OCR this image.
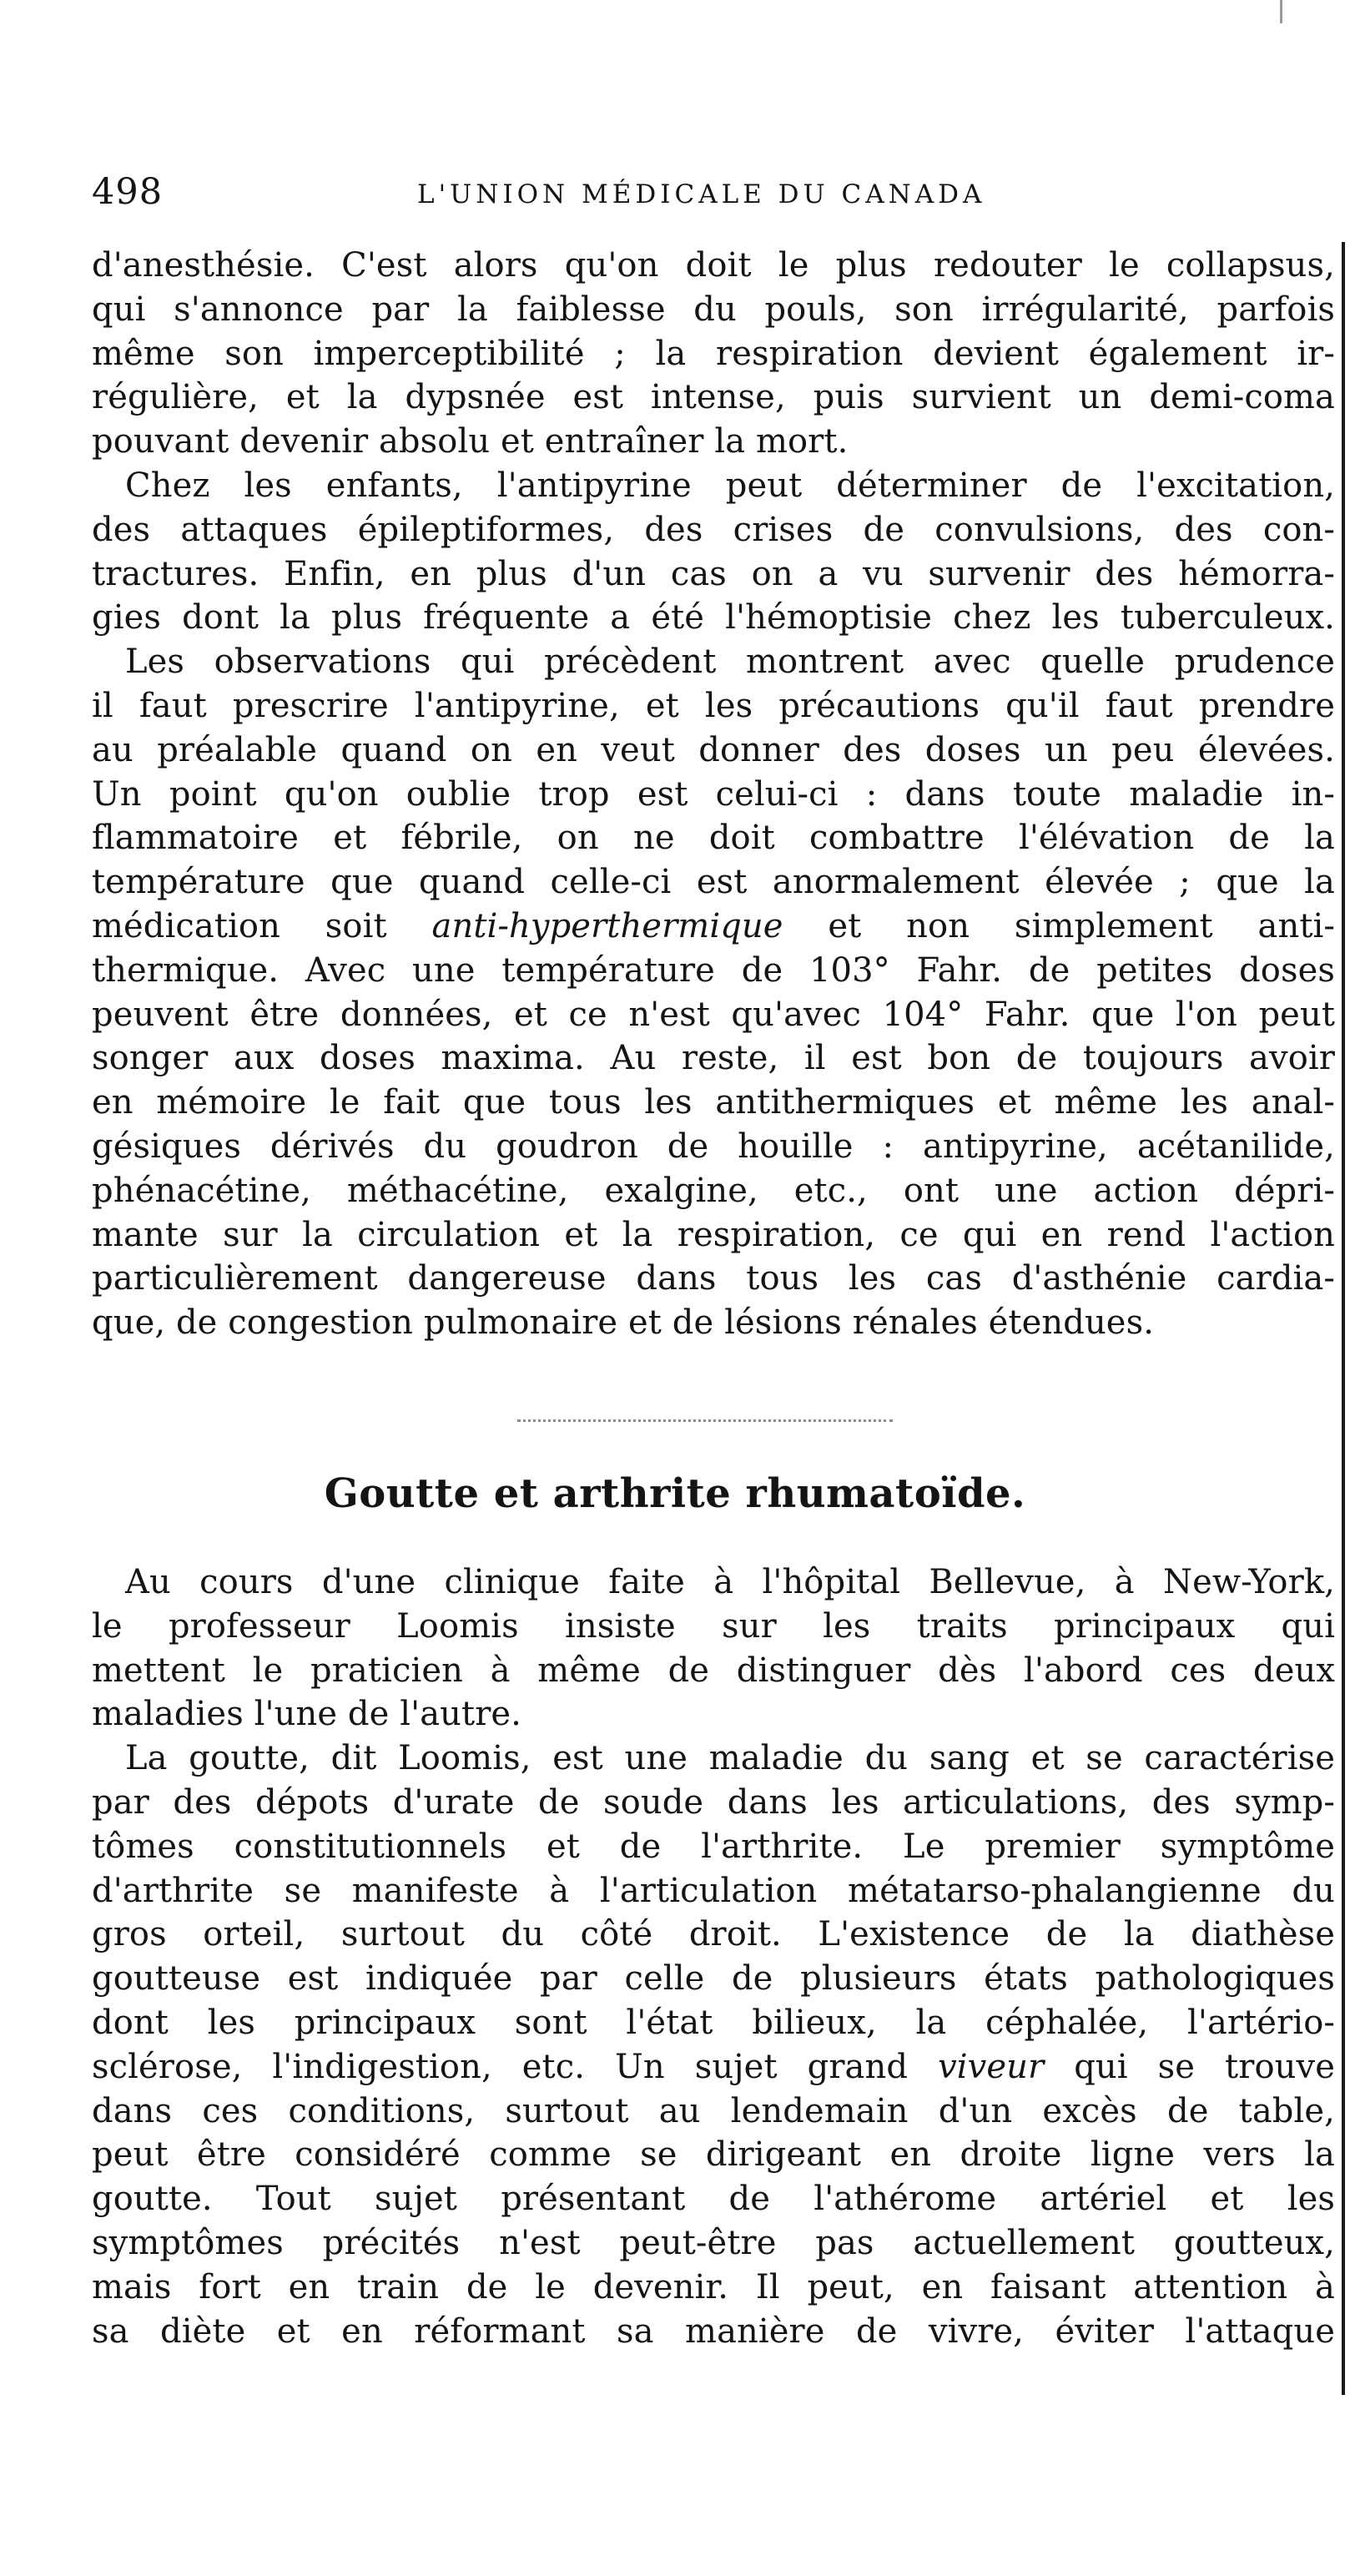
498	L'UNION MÉDICALE DU CANADA
d'anesthésie. C'est alors qu'on doit le plus redouter le collapsus,
qui s'annonce par la faiblesse du pouls, son irrégularité, parfois
même son imperceptibilité ; la respiration devient également ir-
régulière, et la dypsnée est intense, puis survient un demi-coma
pouvant devenir absolu et entraîner la mort.
Chez les enfants, l'antipyrine peut déterminer de l'excitation,
des attaques épileptiformes, des crises de convulsions, des con-
tractures. Enfin, en plus d'un cas on a vu survenir des hémorra-
gies dont la plus fréquente a été l'hémoptisie chez les tuberculeux.
Les observations qui précèdent montrent avec quelle prudence
il faut prescrire l'antipyrine, et les précautions qu'il faut prendre
au préalable quand on en veut donner des doses un peu élevées.
Un point qu'on oublie trop est celui-ci : dans toute maladie in-
flammatoire et fébrile, on ne doit combattre l'élévation de la
température que quand celle-ci est anormalement élevée ; que la
médication soit anti-hyperthermique et non simplement anti-
thermique. Avec une température de 103° Fahr. de petites doses
peuvent être données, et ce n'est qu'avec 104° Fahr. que l'on peut
songer aux doses maxima. Au reste, il est bon de toujours avoir
en mémoire le fait que tous les antithermiques et même les anal-
gésiques dérivés du goudron de houille : antipyrine, acétanilide,
phénacétine, méthacétine, exalgine, etc., ont une action dépri-
mante sur la circulation et la respiration, ce qui en rend l'action
particulièrement dangereuse dans tous les cas d'asthénie cardia-
que, de congestion pulmonaire et de lésions rénales étendues.
Goutte et arthrite rhumatoïde.
Au cours d'une clinique faite à l'hôpital Bellevue, à New-York,
le professeur Loomis insiste sur les traits principaux qui
mettent le praticien à même de distinguer dès l'abord ces deux
maladies l'une de l'autre.
La goutte, dit Loomis, est une maladie du sang et se caractérise
par des dépots d'urate de soude dans les articulations, des symp-
tômes constitutionnels et de l'arthrite. Le premier symptôme
d'arthrite se manifeste à l'articulation métatarso-phalangienne du
gros orteil, surtout du côté droit. L'existence de la diathèse
goutteuse est indiquée par celle de plusieurs états pathologiques
dont les principaux sont l'état bilieux, la céphalée, l'artério-
sclérose, l'indigestion, etc. Un sujet grand viveur qui se trouve
dans ces conditions, surtout au lendemain d'un excès de table,
peut être considéré comme se dirigeant en droite ligne vers la
goutte. Tout sujet présentant de l'athérome artériel et les
symptômes précités n'est peut-être pas actuellement goutteux,
mais fort en train de le devenir. Il peut, en faisant attention à
sa diète et en réformant sa manière de vivre, éviter l'attaque
